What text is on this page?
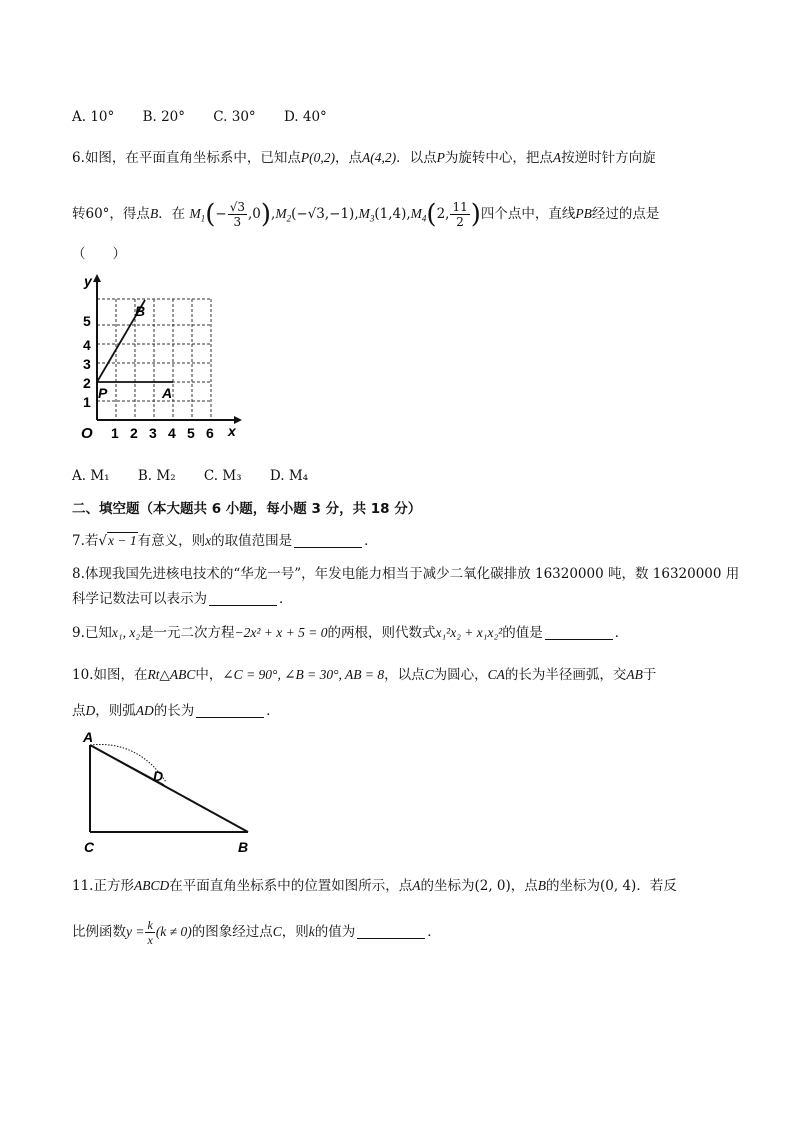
A. 10° B. 20° C. 30° D. 40°
6.如图，在平面直角坐标系中，已知点P(0,2)，点A(4,2)．以点P为旋转中心，把点A按逆时针方向旋
转60°，得点B．在 $M_1(- \frac{√3}{3} ,0),M_2(-√3,-1),M_3(1,4),M_4(2$, $\frac{11}{2}$ )四个点中，直线PB经过的点是
（　　）
y
x
O 1 2 3 4 5 6
1
2
3
4
5
P	A
B
A. M₁ B. M₂ C. M₃ D. M₄
二、填空题（本大题共 6 小题，每小题 3 分，共 18 分）
7.若√x − 1有意义，则x的取值范围是	．
8.体现我国先进核电技术的“华龙一号”，年发电能力相当于减少二氧化碳排放 16320000 吨，数 16320000 用
科学记数法可以表示为	．
9.已知x₁, x₂是一元二次方程−2x² + x + 5 = 0的两根，则代数式x₁²x₂ + x₁x₂²的值是	．
10.如图，在Rt△ABC中，∠C = 90°, ∠B = 30°, AB = 8，以点C为圆心，CA的长为半径画弧，交AB于
点D，则弧AD的长为	．
A
C	B
D
11.正方形ABCD在平面直角坐标系中的位置如图所示，点A的坐标为(2, 0)，点B的坐标为(0, 4)．若反
比例函数$y = \frac{k}{x} (k \ne 0)$的图象经过点C，则k的值为	．
